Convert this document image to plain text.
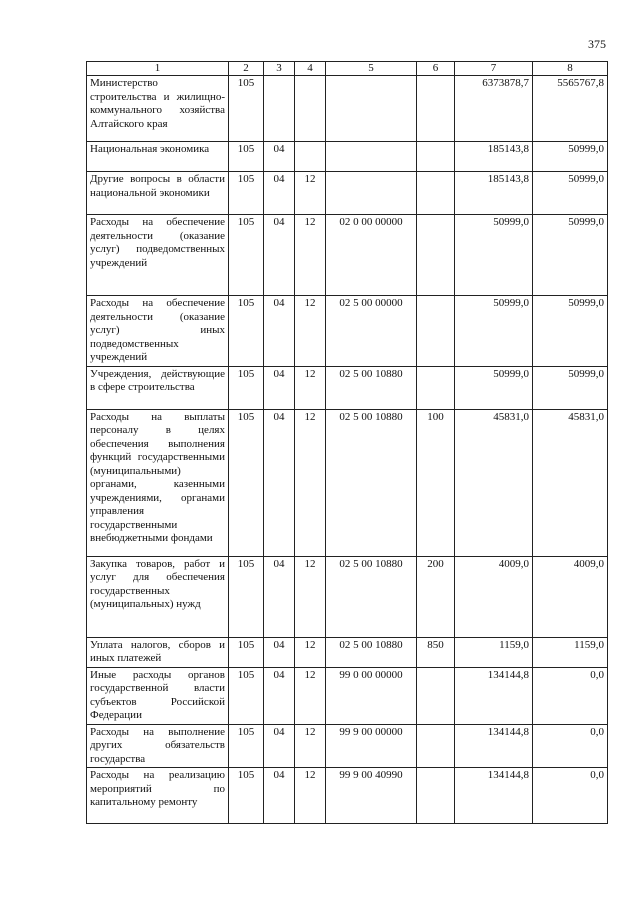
375
1	2	3	4	5	6	7	8
Министерство строительства и жилищно-коммунального хозяйства Алтайского края	105					6373878,7	5565767,8
Национальная экономика	105	04				185143,8	50999,0
Другие вопросы в области национальной экономики	105	04	12			185143,8	50999,0
Расходы на обеспечение деятельности (оказание услуг) подведомственных учреждений	105	04	12	02 0 00 00000		50999,0	50999,0
Расходы на обеспечение деятельности (оказание услуг) иных подведомственных учреждений	105	04	12	02 5 00 00000		50999,0	50999,0
Учреждения, действующие в сфере строительства	105	04	12	02 5 00 10880		50999,0	50999,0
Расходы на выплаты персоналу в целях обеспечения выполнения функций государственными (муниципальными) органами, казенными учреждениями, органами управления государственными внебюджетными фондами	105	04	12	02 5 00 10880	100	45831,0	45831,0
Закупка товаров, работ и услуг для обеспечения государственных (муниципальных) нужд	105	04	12	02 5 00 10880	200	4009,0	4009,0
Уплата налогов, сборов и иных платежей	105	04	12	02 5 00 10880	850	1159,0	1159,0
Иные расходы органов государственной власти субъектов Российской Федерации	105	04	12	99 0 00 00000		134144,8	0,0
Расходы на выполнение других обязательств государства	105	04	12	99 9 00 00000		134144,8	0,0
Расходы на реализацию мероприятий по капитальному ремонту	105	04	12	99 9 00 40990		134144,8	0,0
